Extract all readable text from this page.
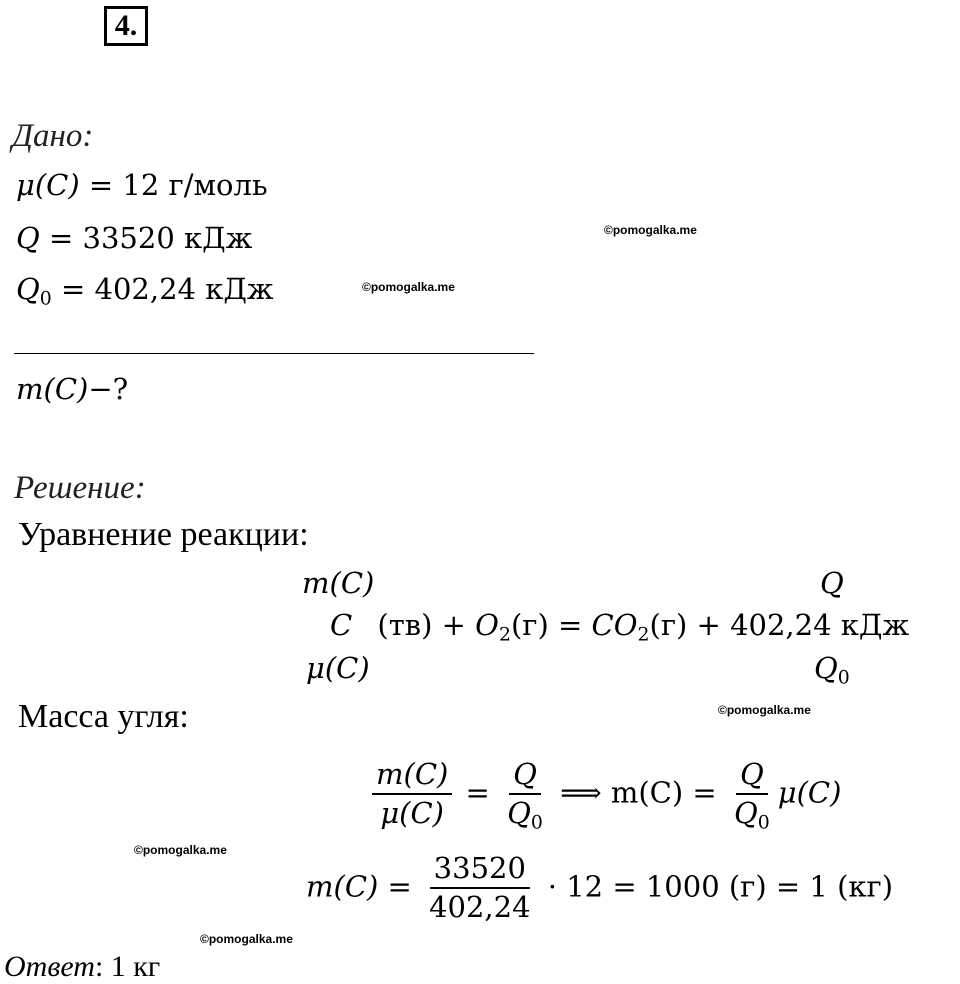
4.
Дано:
μ(C) = 12 г/моль
Q = 33520 кДж
$Q_0 = 402,24$ кДж
m(C)−?
Решение:
Уравнение реакции:
m(C)	Q
C $(тв) + O_2(г) = CO_2(г) + 402,24$ кДж
μ(C)	$Q_0$
Масса угля:
$\frac{m(C)}{\mu(C)} = \frac{Q}{Q_0}$ ⟹ $m(C) = \frac{Q}{Q_0} \mu(C)$
$m(C) = \frac{33520}{402,24} \cdot 12 = 1000$ (г) = 1 (кг)
Ответ: 1 кг
©pomogalka.me
©pomogalka.me
©pomogalka.me
©pomogalka.me
©pomogalka.me
